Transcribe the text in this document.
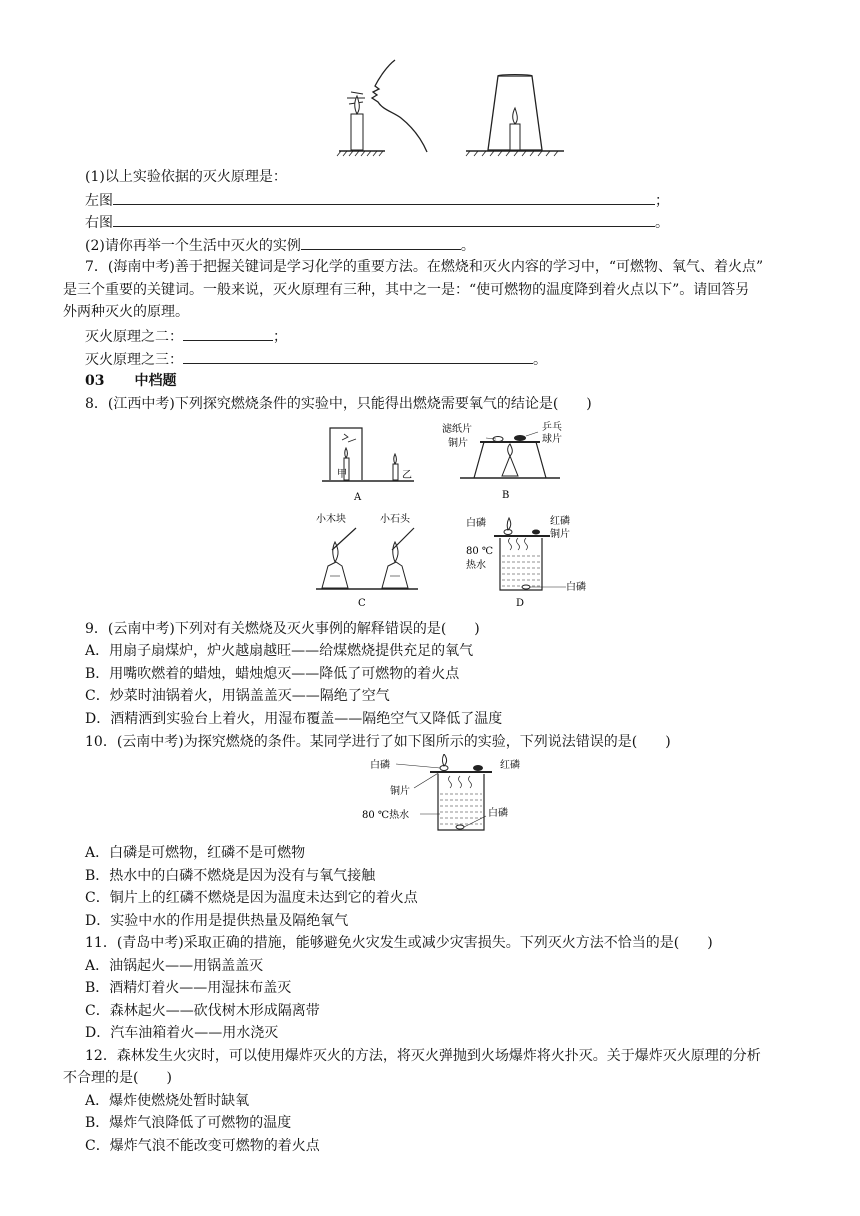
(1)以上实验依据的灭火原理是：
左图	；
右图	。
(2)请你再举一个生活中灭火的实例	。
7．(海南中考)善于把握关键词是学习化学的重要方法。在燃烧和灭火内容的学习中，“可燃物、氧气、着火点”
是三个重要的关键词。一般来说，灭火原理有三种，其中之一是：“使可燃物的温度降到着火点以下”。请回答另
外两种灭火的原理。
灭火原理之二：	；
灭火原理之三：	。
03 中档题
8．(江西中考)下列探究燃烧条件的实验中，只能得出燃烧需要氧气的结论是(　　)
甲	乙
A
滤纸片
铜片
乒乓
球片
B
小木块	小石头
C
白磷	红磷
铜片
80 ℃
热水
白磷
D
9．(云南中考)下列对有关燃烧及灭火事例的解释错误的是(　　)
A．用扇子扇煤炉，炉火越扇越旺——给煤燃烧提供充足的氧气
B．用嘴吹燃着的蜡烛，蜡烛熄灭——降低了可燃物的着火点
C．炒菜时油锅着火，用锅盖盖灭——隔绝了空气
D．酒精洒到实验台上着火，用湿布覆盖——隔绝空气又降低了温度
10．(云南中考)为探究燃烧的条件。某同学进行了如下图所示的实验，下列说法错误的是(　　)
白磷	红磷
铜片
80 ℃热水	白磷
A．白磷是可燃物，红磷不是可燃物
B．热水中的白磷不燃烧是因为没有与氧气接触
C．铜片上的红磷不燃烧是因为温度未达到它的着火点
D．实验中水的作用是提供热量及隔绝氧气
11．(青岛中考)采取正确的措施，能够避免火灾发生或减少灾害损失。下列灭火方法不恰当的是(　　)
A．油锅起火——用锅盖盖灭
B．酒精灯着火——用湿抹布盖灭
C．森林起火——砍伐树木形成隔离带
D．汽车油箱着火——用水浇灭
12．森林发生火灾时，可以使用爆炸灭火的方法，将灭火弹抛到火场爆炸将火扑灭。关于爆炸灭火原理的分析
不合理的是(　　)
A．爆炸使燃烧处暂时缺氧
B．爆炸气浪降低了可燃物的温度
C．爆炸气浪不能改变可燃物的着火点
